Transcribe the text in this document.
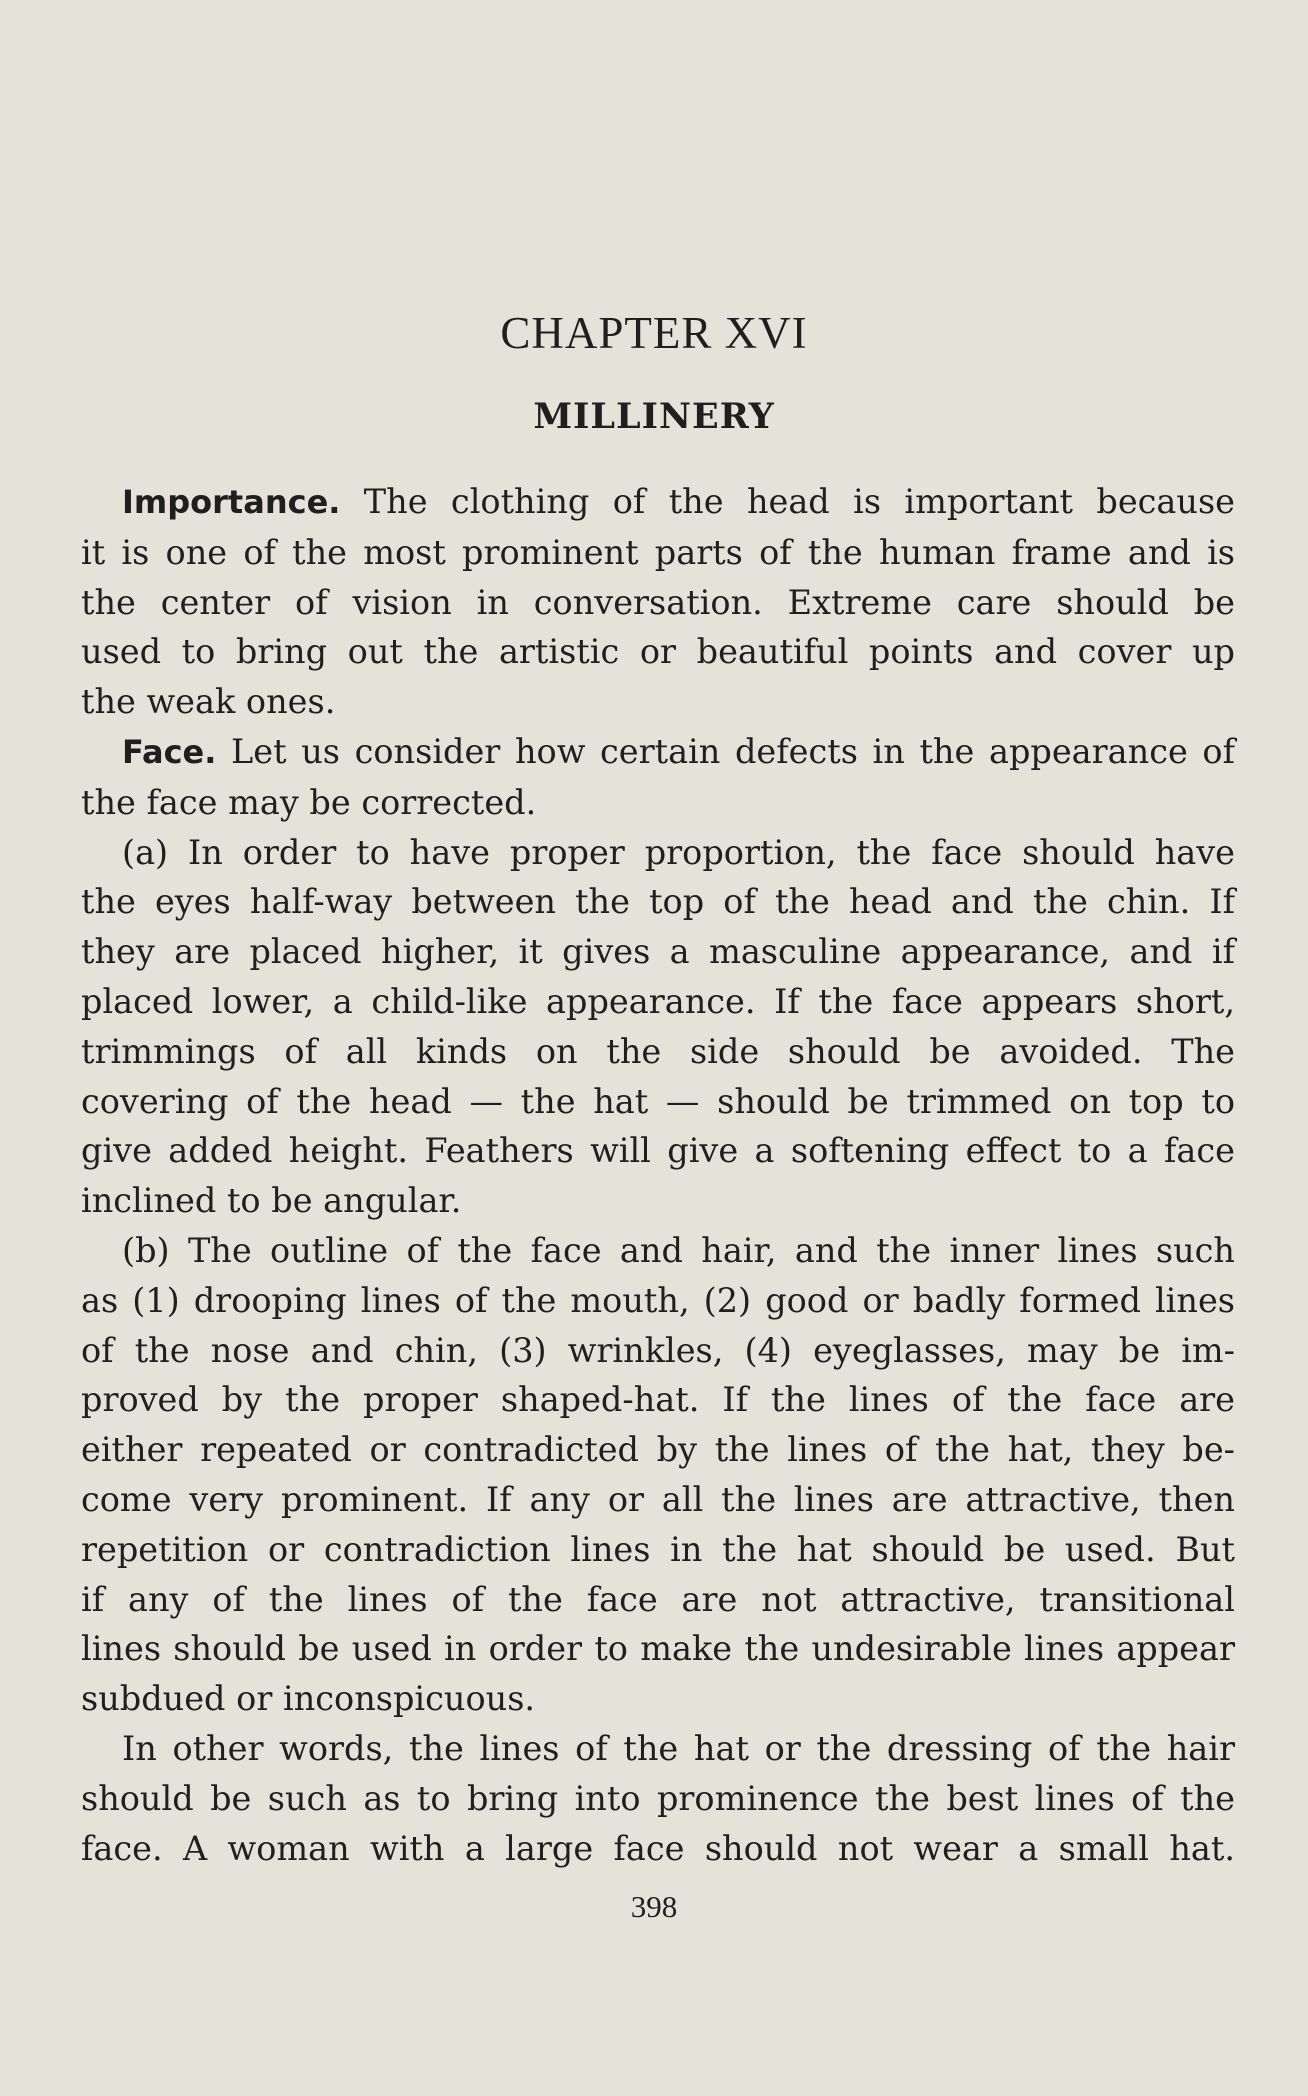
CHAPTER XVI
MILLINERY
Importance. The clothing of the head is important because
it is one of the most prominent parts of the human frame and is
the center of vision in conversation. Extreme care should be
used to bring out the artistic or beautiful points and cover up
the weak ones.
Face. Let us consider how certain defects in the appearance of
the face may be corrected.
(a) In order to have proper proportion, the face should have
the eyes half-way between the top of the head and the chin. If
they are placed higher, it gives a masculine appearance, and if
placed lower, a child-like appearance. If the face appears short,
trimmings of all kinds on the side should be avoided. The
covering of the head — the hat — should be trimmed on top to
give added height. Feathers will give a softening effect to a face
inclined to be angular.
(b) The outline of the face and hair, and the inner lines such
as (1) drooping lines of the mouth, (2) good or badly formed lines
of the nose and chin, (3) wrinkles, (4) eyeglasses, may be im-
proved by the proper shaped-hat. If the lines of the face are
either repeated or contradicted by the lines of the hat, they be-
come very prominent. If any or all the lines are attractive, then
repetition or contradiction lines in the hat should be used. But
if any of the lines of the face are not attractive, transitional
lines should be used in order to make the undesirable lines appear
subdued or inconspicuous.
In other words, the lines of the hat or the dressing of the hair
should be such as to bring into prominence the best lines of the
face. A woman with a large face should not wear a small hat.
398
